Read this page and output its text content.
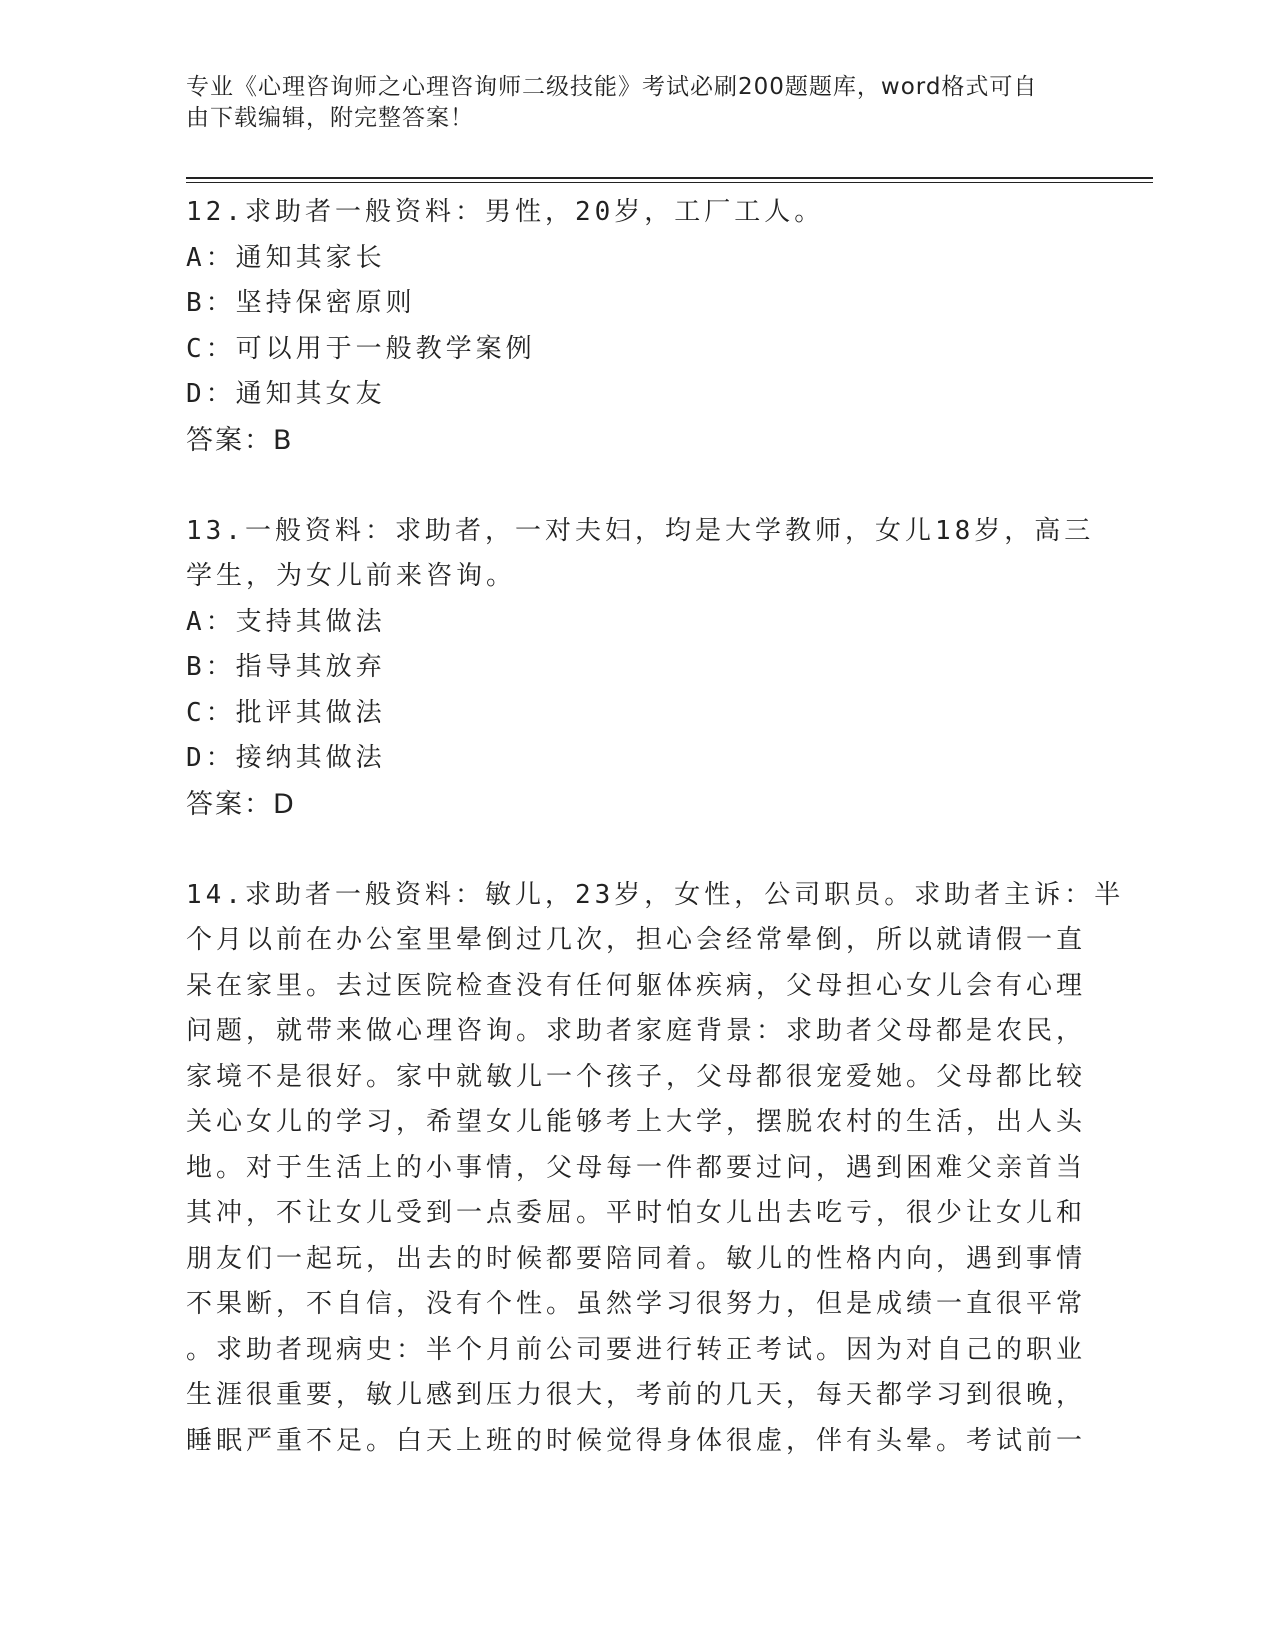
专业《心理咨询师之心理咨询师二级技能》考试必刷200题题库，word格式可自
由下载编辑，附完整答案！
12.求助者一般资料：男性，20岁，工厂工人。
A：通知其家长
B：坚持保密原则
C：可以用于一般教学案例
D：通知其女友
答案：B
13.一般资料：求助者，一对夫妇，均是大学教师，女儿18岁，高三
学生，为女儿前来咨询。
A：支持其做法
B：指导其放弃
C：批评其做法
D：接纳其做法
答案：D
14.求助者一般资料：敏儿，23岁，女性，公司职员。求助者主诉：半
个月以前在办公室里晕倒过几次，担心会经常晕倒，所以就请假一直
呆在家里。去过医院检查没有任何躯体疾病，父母担心女儿会有心理
问题，就带来做心理咨询。求助者家庭背景：求助者父母都是农民，
家境不是很好。家中就敏儿一个孩子，父母都很宠爱她。父母都比较
关心女儿的学习，希望女儿能够考上大学，摆脱农村的生活，出人头
地。对于生活上的小事情，父母每一件都要过问，遇到困难父亲首当
其冲，不让女儿受到一点委屈。平时怕女儿出去吃亏，很少让女儿和
朋友们一起玩，出去的时候都要陪同着。敏儿的性格内向，遇到事情
不果断，不自信，没有个性。虽然学习很努力，但是成绩一直很平常
。求助者现病史：半个月前公司要进行转正考试。因为对自己的职业
生涯很重要，敏儿感到压力很大，考前的几天，每天都学习到很晚，
睡眠严重不足。白天上班的时候觉得身体很虚，伴有头晕。考试前一
